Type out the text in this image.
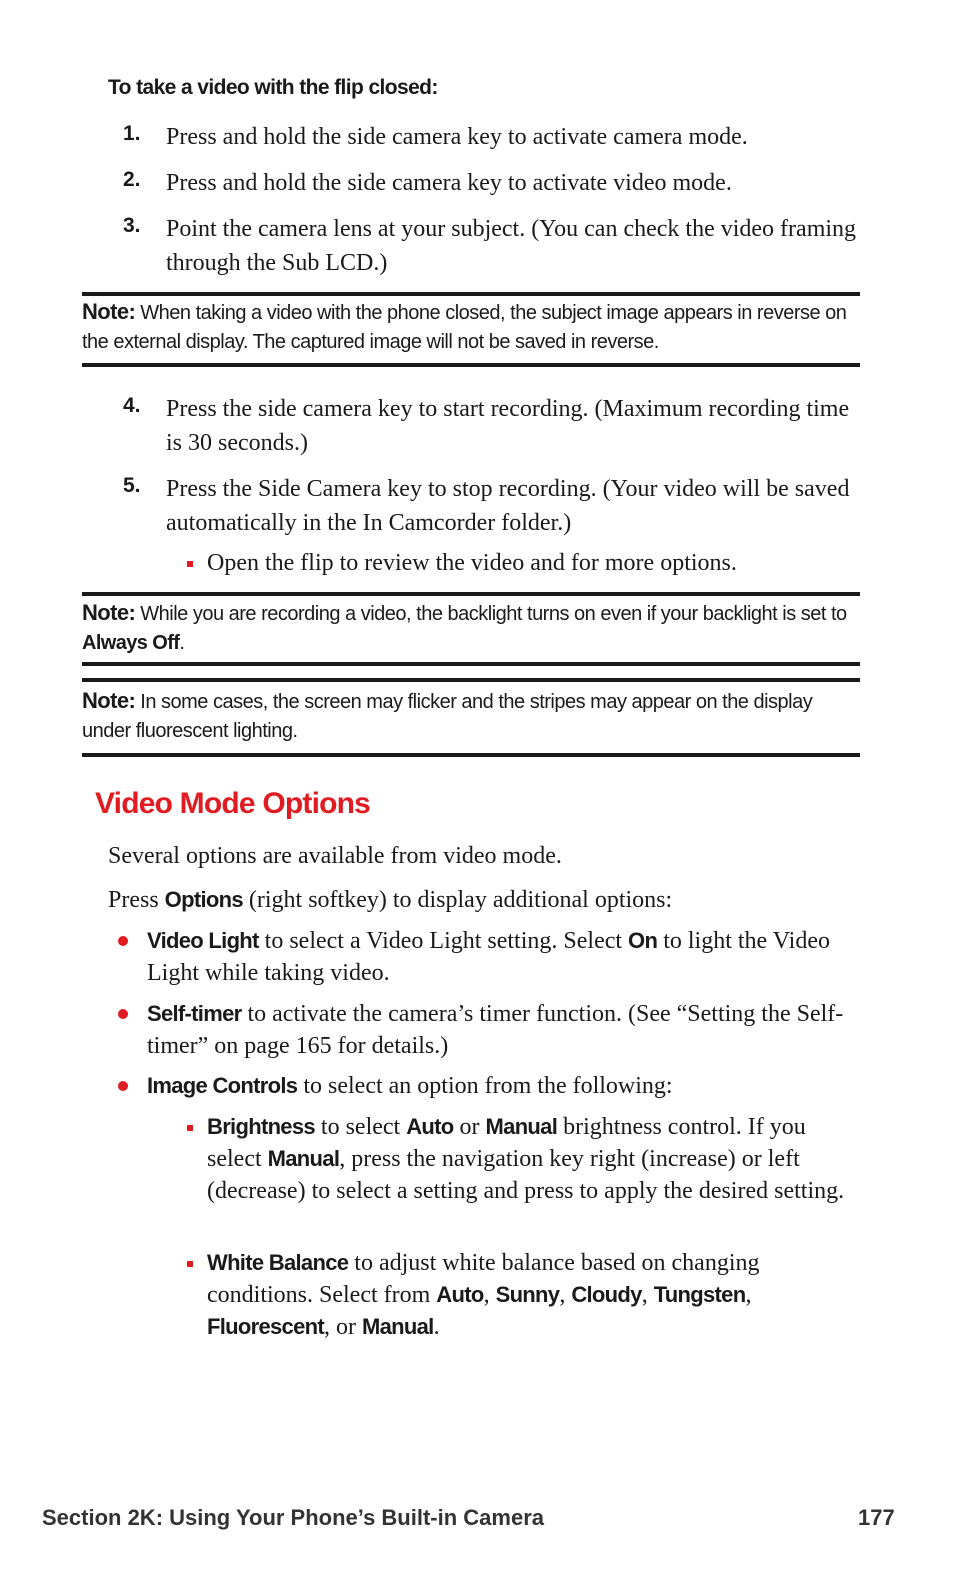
To take a video with the flip closed:
1. Press and hold the side camera key to activate camera mode.
2. Press and hold the side camera key to activate video mode.
3. Point the camera lens at your subject. (You can check the video framing through the Sub LCD.)
Note: When taking a video with the phone closed, the subject image appears in reverse on the external display. The captured image will not be saved in reverse.
4. Press the side camera key to start recording. (Maximum recording time is 30 seconds.)
5. Press the Side Camera key to stop recording. (Your video will be saved automatically in the In Camcorder folder.)
Open the flip to review the video and for more options.
Note: While you are recording a video, the backlight turns on even if your backlight is set to Always Off.
Note: In some cases, the screen may flicker and the stripes may appear on the display under fluorescent lighting.
Video Mode Options
Several options are available from video mode.
Press Options (right softkey) to display additional options:
Video Light to select a Video Light setting. Select On to light the Video Light while taking video.
Self-timer to activate the camera’s timer function. (See “Setting the Self-timer” on page 165 for details.)
Image Controls to select an option from the following:
Brightness to select Auto or Manual brightness control. If you select Manual, press the navigation key right (increase) or left (decrease) to select a setting and press to apply the desired setting.
White Balance to adjust white balance based on changing conditions. Select from Auto, Sunny, Cloudy, Tungsten, Fluorescent, or Manual.
Section 2K: Using Your Phone’s Built-in Camera	177
